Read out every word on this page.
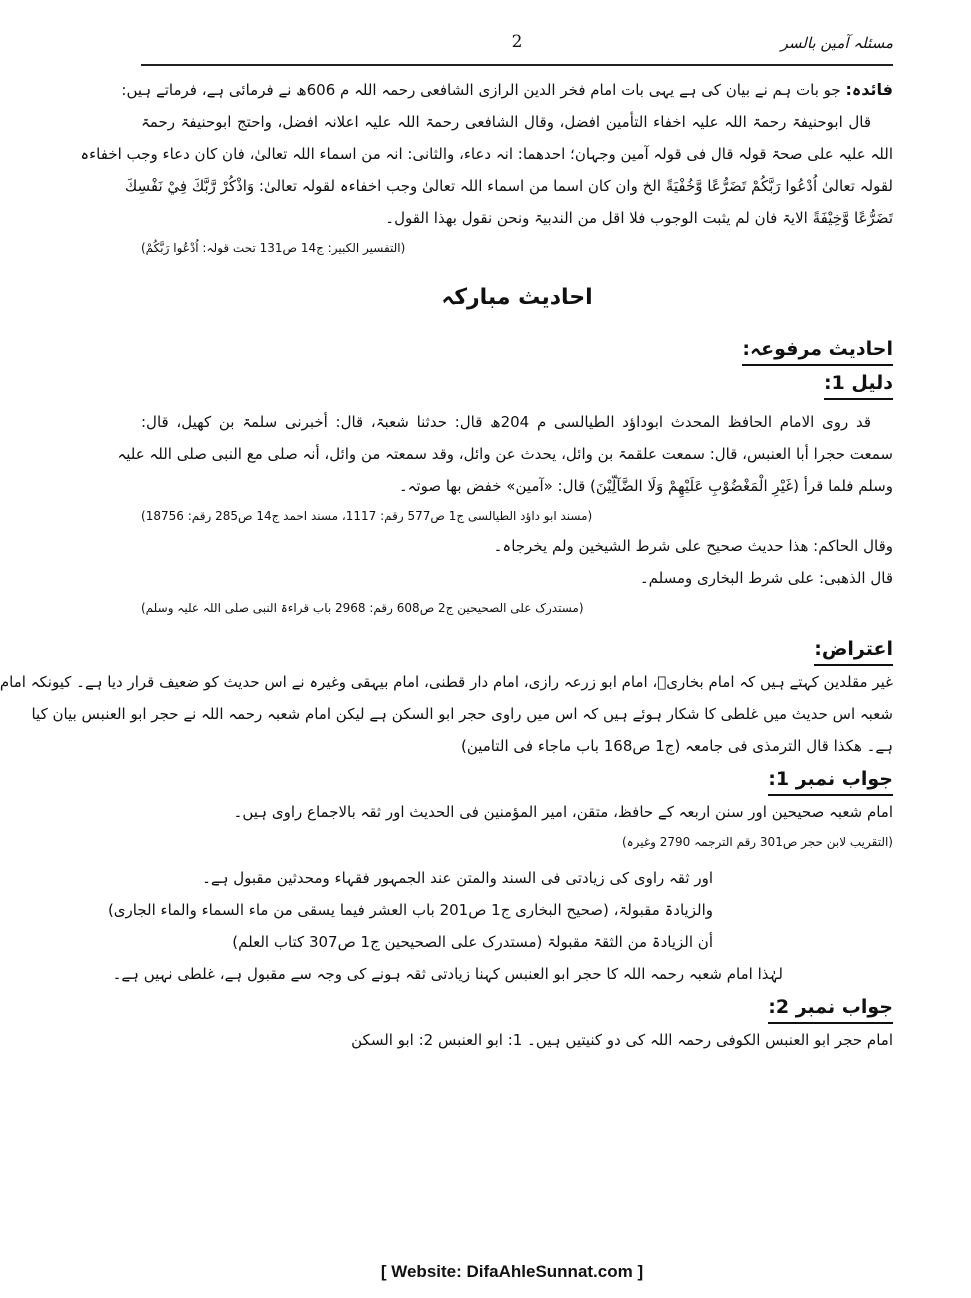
مسئلہ آمین بالسر
2
فائدہ: جو بات ہم نے بیان کی ہے یہی بات امام فخر الدین الرازی الشافعی رحمہ اللہ م 606ھ نے فرمائی ہے، فرماتے ہیں:
قال ابوحنیفۃ رحمۃ اللہ علیہ اخفاء التأمین افضل، وقال الشافعی رحمۃ اللہ علیہ اعلانہ افضل، واحتج ابوحنیفۃ رحمۃ
اللہ علیہ علی صحۃ قولہ قال فی قولہ آمین وجہان؛ احدھما: انہ دعاء، والثانی: انہ من اسماء اللہ تعالیٰ، فان کان دعاء وجب اخفاءہ
لقولہ تعالیٰ اُدْعُوا رَبَّكُمْ تَضَرُّعًا وَّخُفْيَةً الخ وان کان اسما من اسماء اللہ تعالیٰ وجب اخفاءہ لقولہ تعالیٰ: وَاذْكُرْ رَّبَّكَ فِيْ نَفْسِكَ
تَضَرُّعًا وَّخِيْفَةً الایۃ فان لم یثبت الوجوب فلا اقل من الندبیۃ ونحن نقول بھذا القول۔
(التفسیر الکبیر: ج14 ص131 تحت قولہ: اُدْعُوا رَبَّكُمْ)
احادیث مبارکہ
احادیث مرفوعہ:
دلیل 1:
قد روی الامام الحافظ المحدث ابوداؤد الطیالسی م 204ھ قال: حدثنا شعبۃ، قال: أخبرنی سلمۃ بن کھیل، قال:
سمعت حجرا أبا العنبس، قال: سمعت علقمۃ بن وائل، یحدث عن وائل، وقد سمعتہ من وائل، أنہ صلی مع النبی صلی اللہ علیہ
وسلم فلما قرأ (غَيْرِ الْمَغْضُوْبِ عَلَيْهِمْ وَلَا الضَّآلِّيْنَ) قال: «آمین» خفض بھا صوتہ۔
(مسند ابو داؤد الطیالسی ج1 ص577 رقم: 1117، مسند احمد ج14 ص285 رقم: 18756)
وقال الحاکم: ھذا حدیث صحیح علی شرط الشیخین ولم یخرجاہ۔
قال الذھبی: علی شرط البخاری ومسلم۔
(مستدرک علی الصحیحین ج2 ص608 رقم: 2968 باب قراءۃ النبی صلی اللہ علیہ وسلم)
اعتراض:
غیر مقلدین کہتے ہیں کہ امام بخاریؒ، امام ابو زرعہ رازی، امام دار قطنی، امام بیہقی وغیرہ نے اس حدیث کو ضعیف قرار دیا ہے۔ کیونکہ امام
شعبہ اس حدیث میں غلطی کا شکار ہوئے ہیں کہ اس میں راوی حجر ابو السکن ہے لیکن امام شعبہ رحمہ اللہ نے حجر ابو العنبس بیان کیا
ہے۔ ھکذا قال الترمذی فی جامعہ (ج1 ص168 باب ماجاء فی التامین)
جواب نمبر 1:
امام شعبہ صحیحین اور سنن اربعہ کے حافظ، متقن، امیر المؤمنین فی الحدیث اور ثقہ بالاجماع راوی ہیں۔
(التقریب لابن حجر ص301 رقم الترجمہ 2790 وغیرہ)
اور ثقہ راوی کی زیادتی فی السند والمتن عند الجمہور فقہاء ومحدثین مقبول ہے۔
والزیادۃ مقبولۃ، (صحیح البخاری ج1 ص201 باب العشر فیما یسقی من ماء السماء والماء الجاری)
أن الزیادۃ من الثقۃ مقبولۃ (مستدرک علی الصحیحین ج1 ص307 کتاب العلم)
لہٰذا امام شعبہ رحمہ اللہ کا حجر ابو العنبس کہنا زیادتی ثقہ ہونے کی وجہ سے مقبول ہے، غلطی نہیں ہے۔
جواب نمبر 2:
امام حجر ابو العنبس الکوفی رحمہ اللہ کی دو کنیتیں ہیں۔ 1: ابو العنبس 2: ابو السکن
[ Website: DifaAhleSunnat.com ]
